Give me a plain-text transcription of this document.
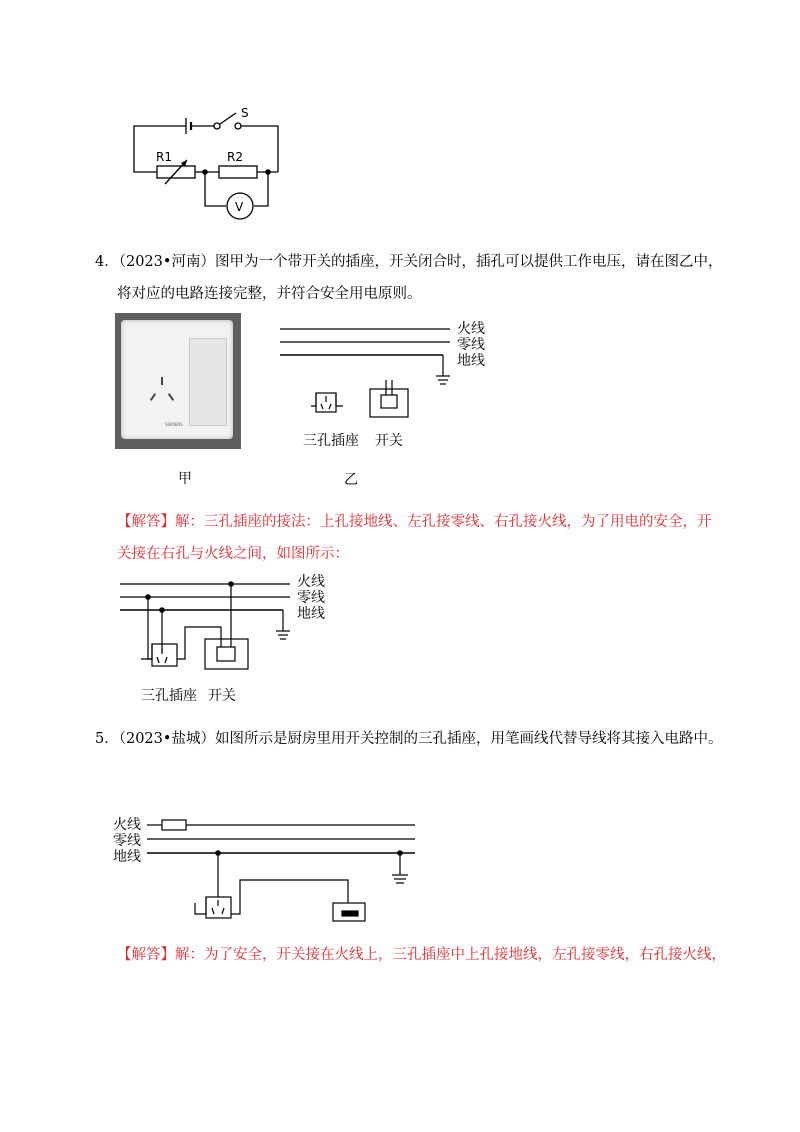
S
R1	R2
V
4．（2023•河南）图甲为一个带开关的插座，开关闭合时，插孔可以提供工作电压，请在图乙中，
将对应的电路连接完整，并符合安全用电原则。
SIEMENS
甲
火线
零线
地线
三孔插座 开关
乙
【解答】解：三孔插座的接法：上孔接地线、左孔接零线、右孔接火线，为了用电的安全，开
关接在右孔与火线之间，如图所示：
火线
零线
地线
三孔插座 开关
5．（2023•盐城）如图所示是厨房里用开关控制的三孔插座，用笔画线代替导线将其接入电路中。
火线
零线
地线
【解答】解：为了安全，开关接在火线上，三孔插座中上孔接地线，左孔接零线，右孔接火线，
